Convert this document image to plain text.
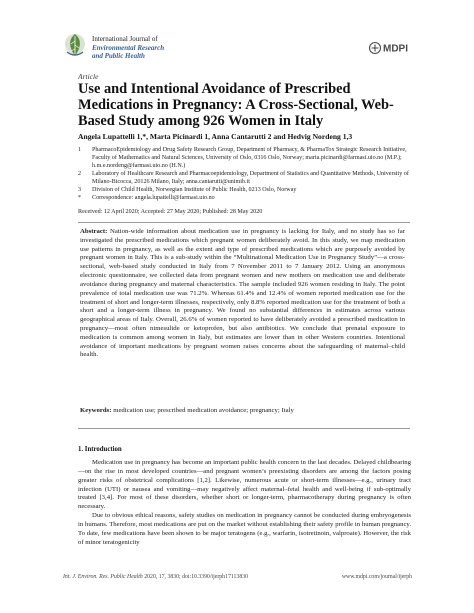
International Journal of
Environmental Research
and Public Health
MDPI
Article
Use and Intentional Avoidance of Prescribed Medications in Pregnancy: A Cross-Sectional, Web-Based Study among 926 Women in Italy
Angela Lupattelli 1,*, Marta Picinardi 1, Anna Cantarutti 2 and Hedvig Nordeng 1,3
1 PharmacoEpidemiology and Drug Safety Research Group, Department of Pharmacy, & PharmaTox Strategic Research Initiative, Faculty of Mathematics and Natural Sciences, University of Oslo, 0316 Oslo, Norway; marta.picinardi@farmasi.uio.no (M.P.); h.m.e.nordeng@farmasi.uio.no (H.N.)
2 Laboratory of Healthcare Research and Pharmacoepidemiology, Department of Statistics and Quantitative Methods, University of Milano-Bicocca, 20126 Milano, Italy; anna.cantarutti@unimib.it
3 Division of Child Health, Norwegian Institute of Public Health, 0213 Oslo, Norway
* Correspondence: angela.lupattelli@farmasi.uio.no
Received: 12 April 2020; Accepted: 27 May 2020; Published: 28 May 2020
Abstract: Nation-wide information about medication use in pregnancy is lacking for Italy, and no study has so far investigated the prescribed medications which pregnant women deliberately avoid. In this study, we map medication use patterns in pregnancy, as well as the extent and type of prescribed medications which are purposely avoided by pregnant women in Italy. This is a sub-study within the “Multinational Medication Use in Pregnancy Study”—a cross-sectional, web-based study conducted in Italy from 7 November 2011 to 7 January 2012. Using an anonymous electronic questionnaire, we collected data from pregnant women and new mothers on medication use and deliberate avoidance during pregnancy and maternal characteristics. The sample included 926 women residing in Italy. The point prevalence of total medication use was 71.2%. Whereas 61.4% and 12.4% of women reported medication use for the treatment of short and longer-term illnesses, respectively, only 8.8% reported medication use for the treatment of both a short and a longer-term illness in pregnancy. We found no substantial differences in estimates across various geographical areas of Italy. Overall, 26.6% of women reported to have deliberately avoided a prescribed medication in pregnancy—most often nimesulide or ketoprofen, but also antibiotics. We conclude that prenatal exposure to medication is common among women in Italy, but estimates are lower than in other Western countries. Intentional avoidance of important medications by pregnant women raises concerns about the safeguarding of maternal–child health.
Keywords: medication use; prescribed medication avoidance; pregnancy; Italy
1. Introduction

Medication use in pregnancy has become an important public health concern in the last decades. Delayed childbearing—on the rise in most developed countries—and pregnant women’s preexisting disorders are among the factors posing greater risks of obstetrical complications [1,2]. Likewise, numerous acute or short-term illnesses—e.g., urinary tract infection (UTI) or nausea and vomiting—may negatively affect maternal–fetal health and well-being if sub-optimally treated [3,4]. For most of these disorders, whether short or longer-term, pharmacotherapy during pregnancy is often necessary.

Due to obvious ethical reasons, safety studies on medication in pregnancy cannot be conducted during embryogenesis in humans. Therefore, most medications are put on the market without establishing their safety profile in human pregnancy. To date, few medications have been shown to be major teratogens (e.g., warfarin, isotretinoin, valproate). However, the risk of minor teratogenicity

Int. J. Environ. Res. Public Health 2020, 17, 3830; doi:10.3390/ijerph17113830	www.mdpi.com/journal/ijerph
